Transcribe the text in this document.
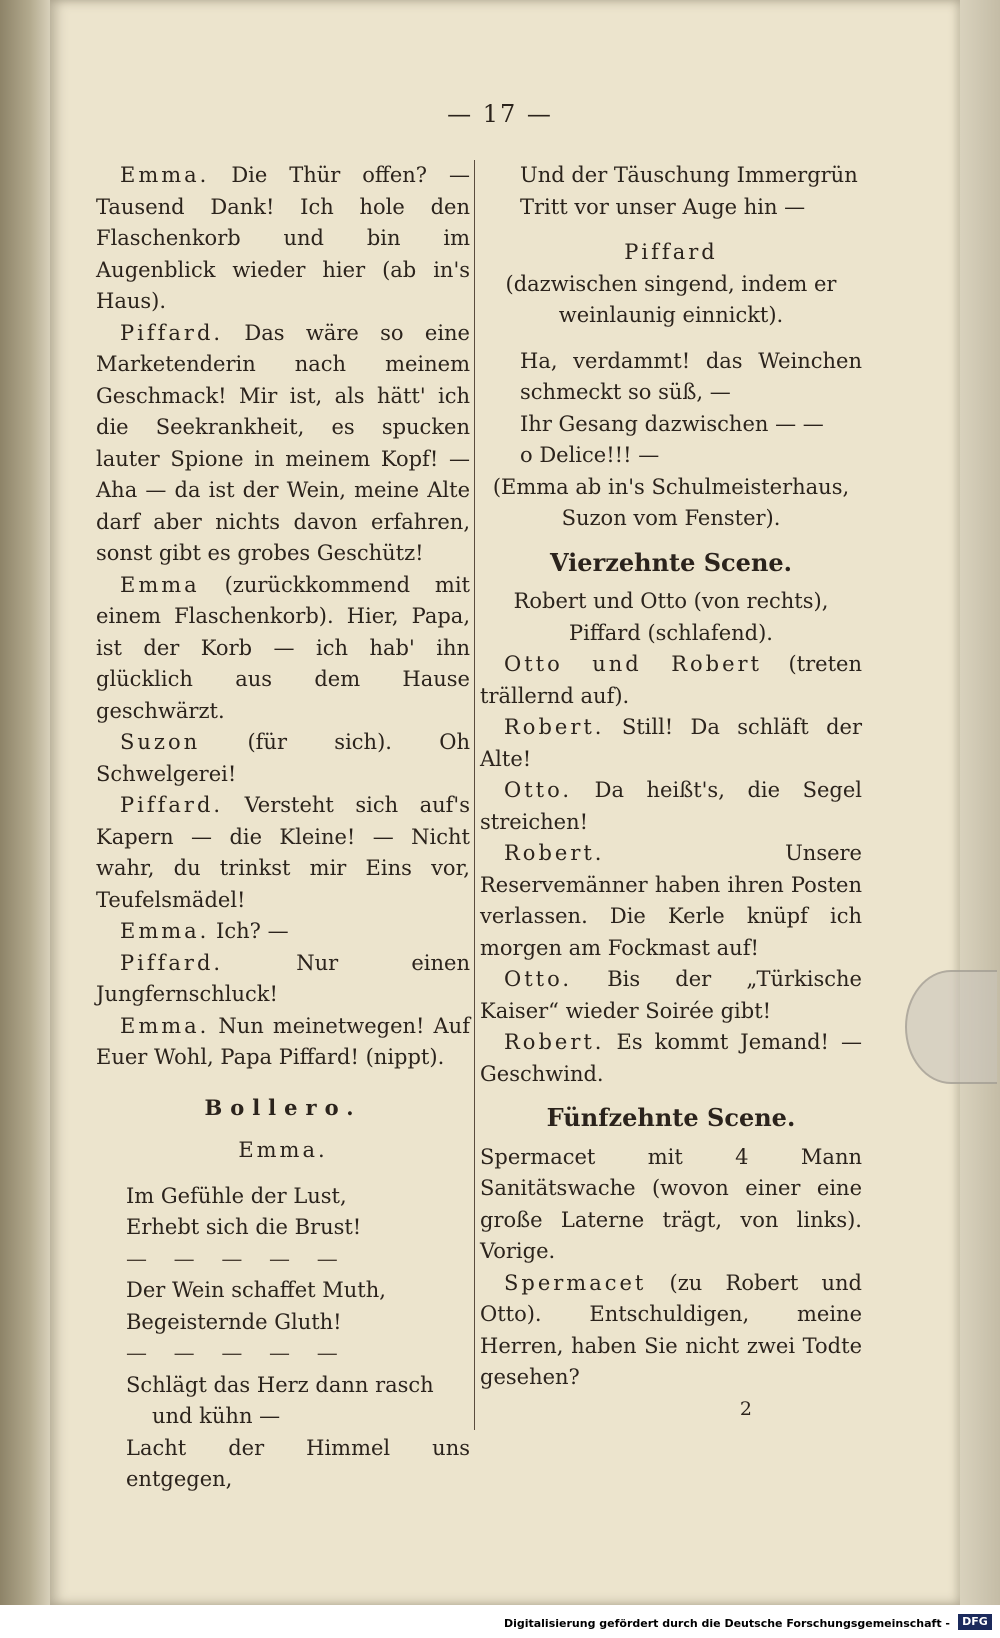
— 17 —

Emma. Die Thür offen? — Tausend Dank! Ich hole den Flaschenkorb und bin im Augenblick wieder hier (ab in's Haus).

Piffard. Das wäre so eine Marketenderin nach meinem Geschmack! Mir ist, als hätt' ich die Seekrankheit, es spucken lauter Spione in meinem Kopf! — Aha — da ist der Wein, meine Alte darf aber nichts davon erfahren, sonst gibt es grobes Geschütz!

Emma (zurückkommend mit einem Flaschenkorb). Hier, Papa, ist der Korb — ich hab' ihn glücklich aus dem Hause geschwärzt.

Suzon (für sich). Oh Schwelgerei!

Piffard. Versteht sich auf's Kapern — die Kleine! — Nicht wahr, du trinkst mir Eins vor, Teufelsmädel!

Emma. Ich? —

Piffard.	Nur einen Jungfernschluck!

Emma. Nun meinetwegen! Auf Euer Wohl, Papa Piffard! (nippt).

Bollero.

Emma.

Im Gefühle der Lust,

Erhebt sich die Brust!

— — — — —

Der Wein schaffet Muth,

Begeisternde Gluth!

— — — — —

Schlägt das Herz dann rasch

und kühn —

Lacht der Himmel uns entgegen,

Und der Täuschung Immergrün

Tritt vor unser Auge hin —

Piffard

(dazwischen singend, indem er weinlaunig einnickt).

Ha, verdammt! das Weinchen schmeckt so süß, —

Ihr Gesang dazwischen — —

o Delice!!! —

(Emma ab in's Schulmeisterhaus, Suzon vom Fenster).

Vierzehnte Scene.

Robert und Otto (von rechts), Piffard (schlafend).

Otto und Robert (treten trällernd auf).

Robert. Still! Da schläft der Alte!

Otto. Da heißt's, die Segel streichen!

Robert.	Unsere Reservemänner haben ihren Posten verlassen. Die Kerle knüpf ich morgen am Fockmast auf!

Otto. Bis der „Türkische Kaiser“ wieder Soirée gibt!

Robert. Es kommt Jemand! — Geschwind.

Fünfzehnte Scene.

Spermacet mit 4 Mann Sanitätswache (wovon einer eine große Laterne trägt, von links). Vorige.

Spermacet (zu Robert und Otto). Entschuldigen, meine Herren, haben Sie nicht zwei Todte gesehen?

2

Digitalisierung gefördert durch die Deutsche Forschungsgemeinschaft -	DFG
